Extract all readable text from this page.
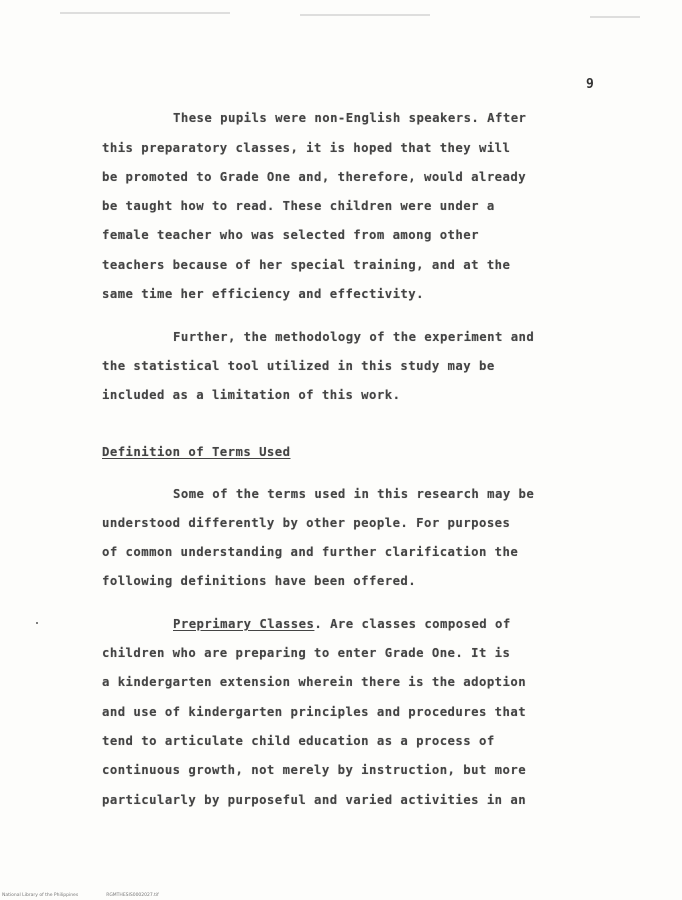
9
These pupils were non-English speakers. After
this preparatory classes, it is hoped that they will
be promoted to Grade One and, therefore, would already
be taught how to read. These children were under a
female teacher who was selected from among other
teachers because of her special training, and at the
same time her efficiency and effectivity.
Further, the methodology of the experiment and
the statistical tool utilized in this study may be
included as a limitation of this work.
Definition of Terms Used
Some of the terms used in this research may be
understood differently by other people. For purposes
of common understanding and further clarification the
following definitions have been offered.
Preprimary Classes. Are classes composed of
children who are preparing to enter Grade One. It is
a kindergarten extension wherein there is the adoption
and use of kindergarten principles and procedures that
tend to articulate child education as a process of
continuous growth, not merely by instruction, but more
particularly by purposeful and varied activities in an
National Library of the Philippines	RGMTHESIS0002027.tif
